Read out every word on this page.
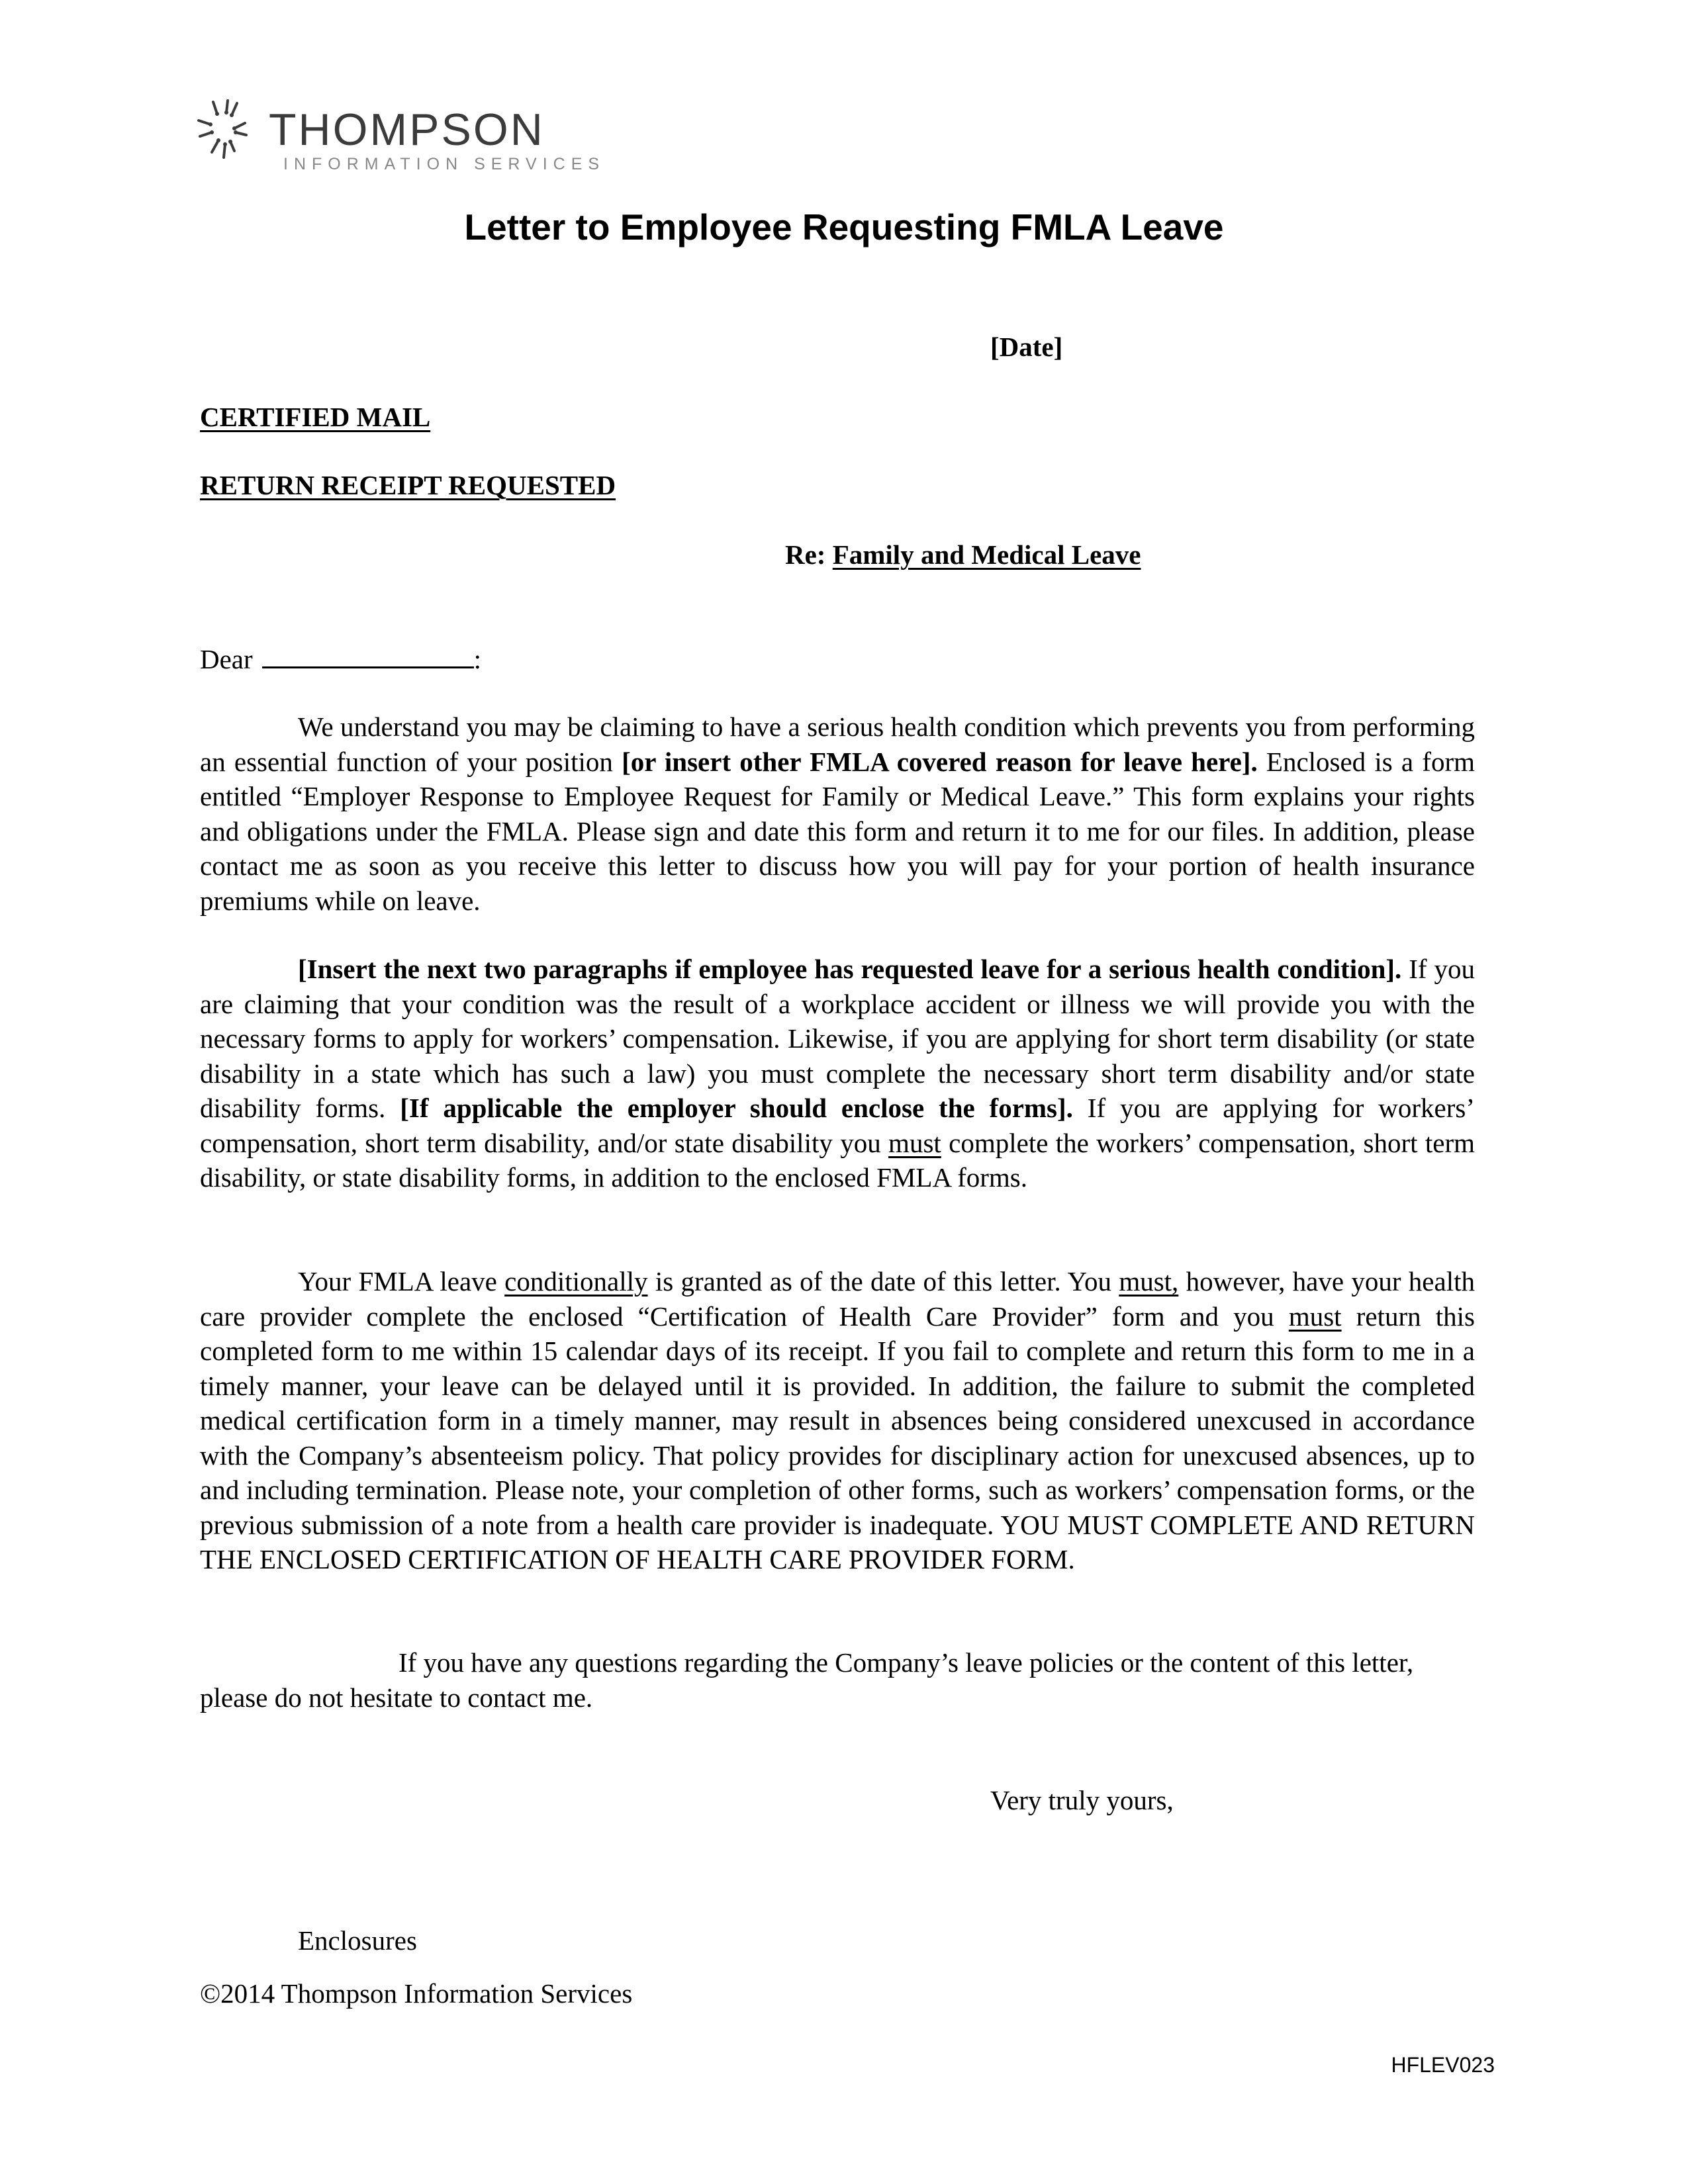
THOMPSON
INFORMATION SERVICES
Letter to Employee Requesting FMLA Leave
[Date]
CERTIFIED MAIL
RETURN RECEIPT REQUESTED
Re: Family and Medical Leave
Dear	:
We understand you may be claiming to have a serious health condition which prevents you from performing an essential function of your position [or insert other FMLA covered reason for leave here]. Enclosed is a form entitled “Employer Response to Employee Request for Family or Medical Leave.” This form explains your rights and obligations under the FMLA. Please sign and date this form and return it to me for our files. In addition, please contact me as soon as you receive this letter to discuss how you will pay for your portion of health insurance premiums while on leave.
[Insert the next two paragraphs if employee has requested leave for a serious health condition]. If you are claiming that your condition was the result of a workplace accident or illness we will provide you with the necessary forms to apply for workers’ compensation. Likewise, if you are applying for short term disability (or state disability in a state which has such a law) you must complete the necessary short term disability and/or state disability forms. [If applicable the employer should enclose the forms]. If you are applying for workers’ compensation, short term disability, and/or state disability you must complete the workers’ compensation, short term disability, or state disability forms, in addition to the enclosed FMLA forms.
Your FMLA leave conditionally is granted as of the date of this letter. You must, however, have your health care provider complete the enclosed “Certification of Health Care Provider” form and you must return this completed form to me within 15 calendar days of its receipt. If you fail to complete and return this form to me in a timely manner, your leave can be delayed until it is provided. In addition, the failure to submit the completed medical certification form in a timely manner, may result in absences being considered unexcused in accordance with the Company’s absenteeism policy. That policy provides for disciplinary action for unexcused absences, up to and including termination. Please note, your completion of other forms, such as workers’ compensation forms, or the previous submission of a note from a health care provider is inadequate. YOU MUST COMPLETE AND RETURN THE ENCLOSED CERTIFICATION OF HEALTH CARE PROVIDER FORM.
If you have any questions regarding the Company’s leave policies or the content of this letter, please do not hesitate to contact me.
Very truly yours,
Enclosures
©2014 Thompson Information Services
HFLEV023
